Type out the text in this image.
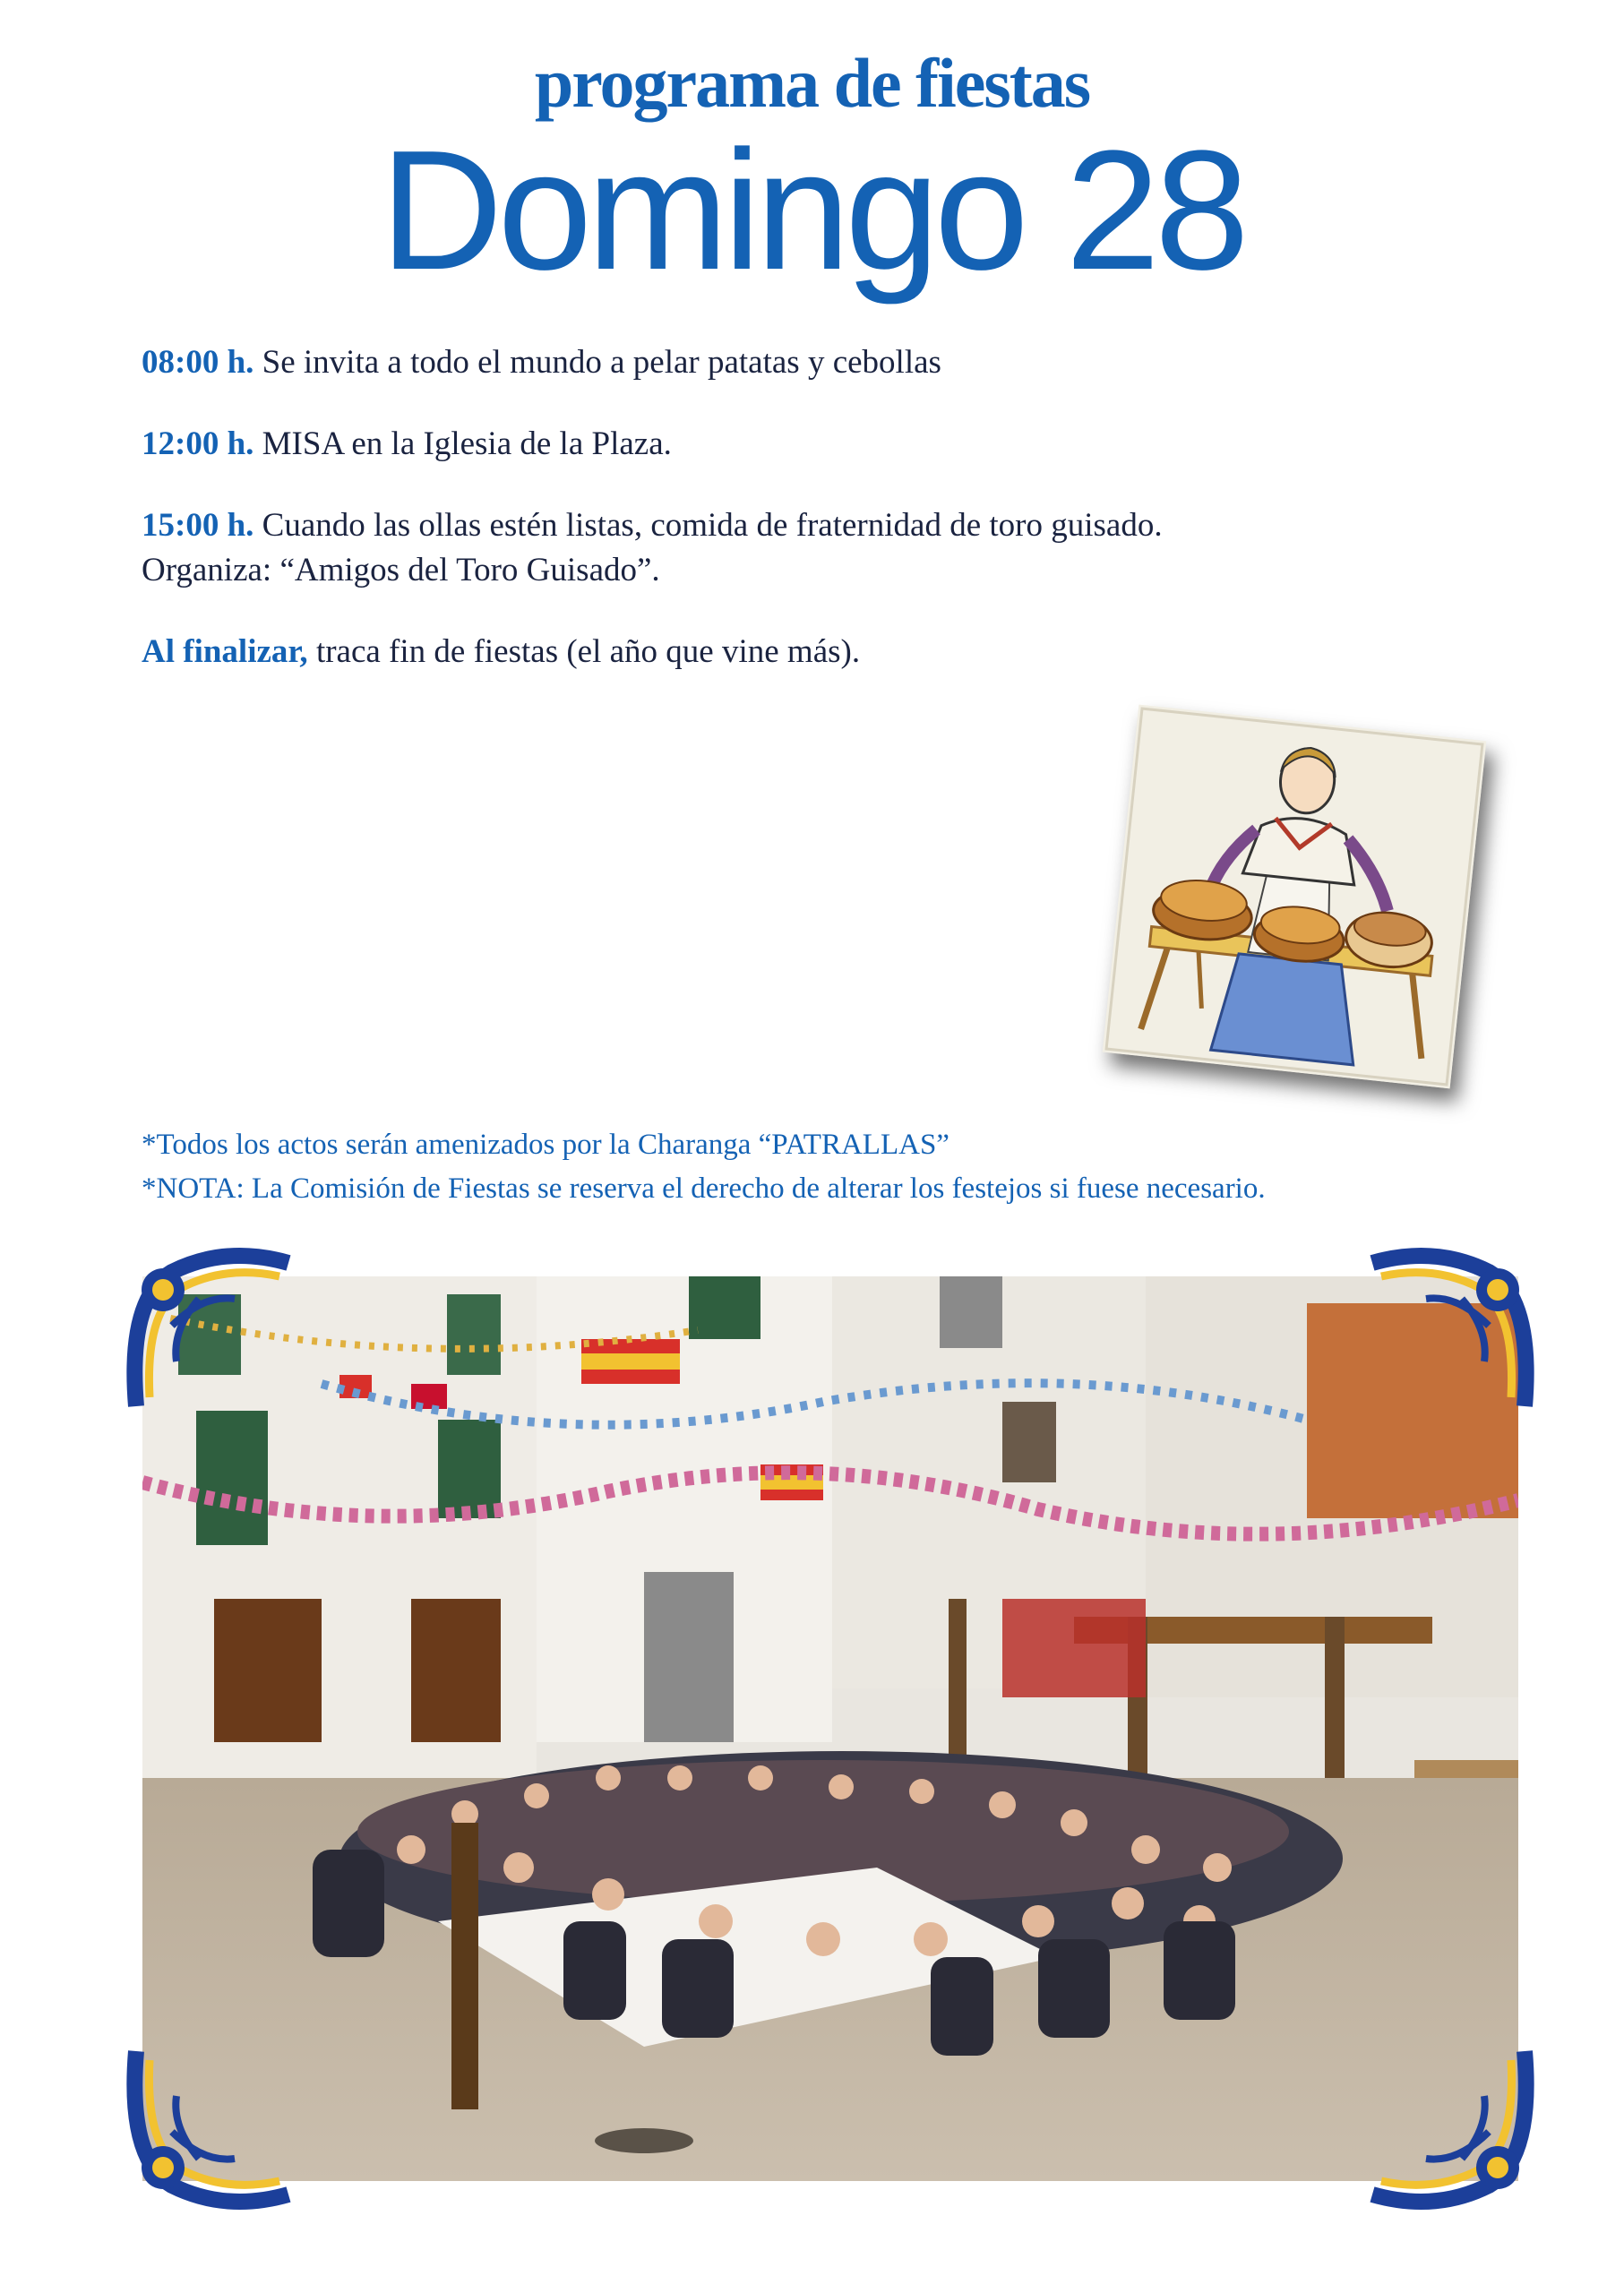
programa de fiestas
Domingo 28
08:00 h. Se invita a todo el mundo a pelar patatas y cebollas
12:00 h. MISA en la Iglesia de la Plaza.
15:00 h. Cuando las ollas estén listas, comida de fraternidad de toro guisado.
Organiza: “Amigos del Toro Guisado”.
Al finalizar, traca fin de fiestas (el año que vine más).
*Todos los actos serán amenizados por la Charanga “PATRALLAS”
*NOTA: La Comisión de Fiestas se reserva el derecho de alterar los festejos si fuese necesario.
